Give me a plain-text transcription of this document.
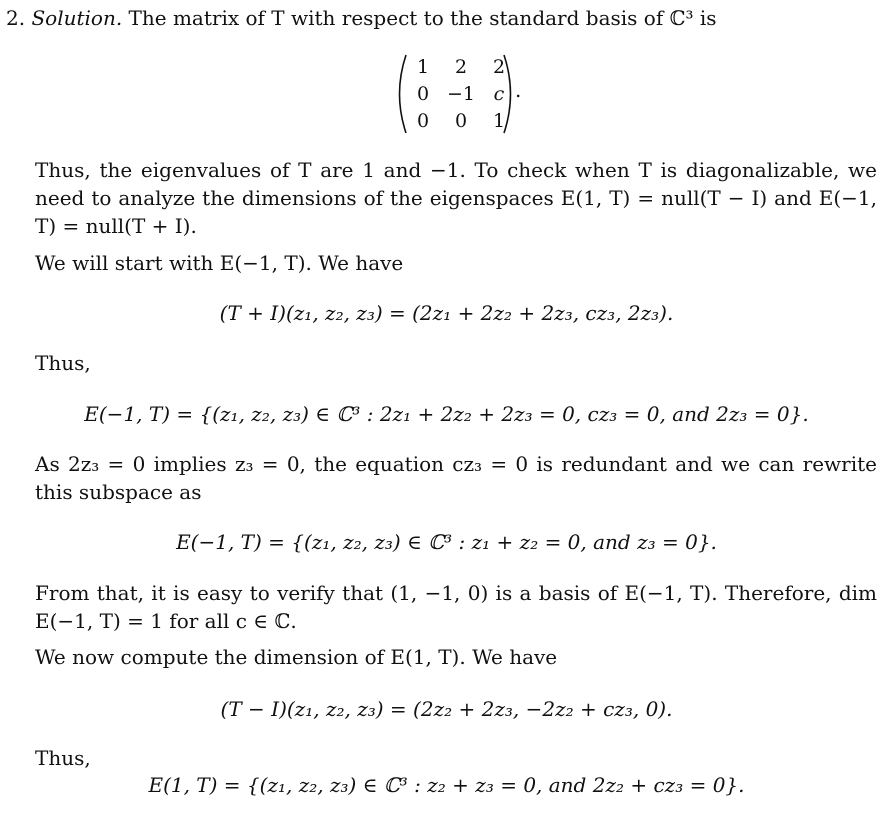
2. Solution. The matrix of T with respect to the standard basis of ℂ³ is
1	2	2
0 −1 c
0	0	1
.
Thus, the eigenvalues of T are 1 and −1. To check when T is diagonalizable, we need to analyze the dimensions of the eigenspaces E(1, T) = null(T − I) and E(−1, T) = null(T + I).
We will start with E(−1, T). We have
(T + I)(z₁, z₂, z₃) = (2z₁ + 2z₂ + 2z₃, cz₃, 2z₃).
Thus,
E(−1, T) = {(z₁, z₂, z₃) ∈ ℂ³ : 2z₁ + 2z₂ + 2z₃ = 0, cz₃ = 0, and 2z₃ = 0}.
As 2z₃ = 0 implies z₃ = 0, the equation cz₃ = 0 is redundant and we can rewrite this subspace as
E(−1, T) = {(z₁, z₂, z₃) ∈ ℂ³ : z₁ + z₂ = 0, and z₃ = 0}.
From that, it is easy to verify that (1, −1, 0) is a basis of E(−1, T). Therefore, dim E(−1, T) = 1 for all c ∈ ℂ.
We now compute the dimension of E(1, T). We have
(T − I)(z₁, z₂, z₃) = (2z₂ + 2z₃, −2z₂ + cz₃, 0).
Thus,
E(1, T) = {(z₁, z₂, z₃) ∈ ℂ³ : z₂ + z₃ = 0, and 2z₂ + cz₃ = 0}.
